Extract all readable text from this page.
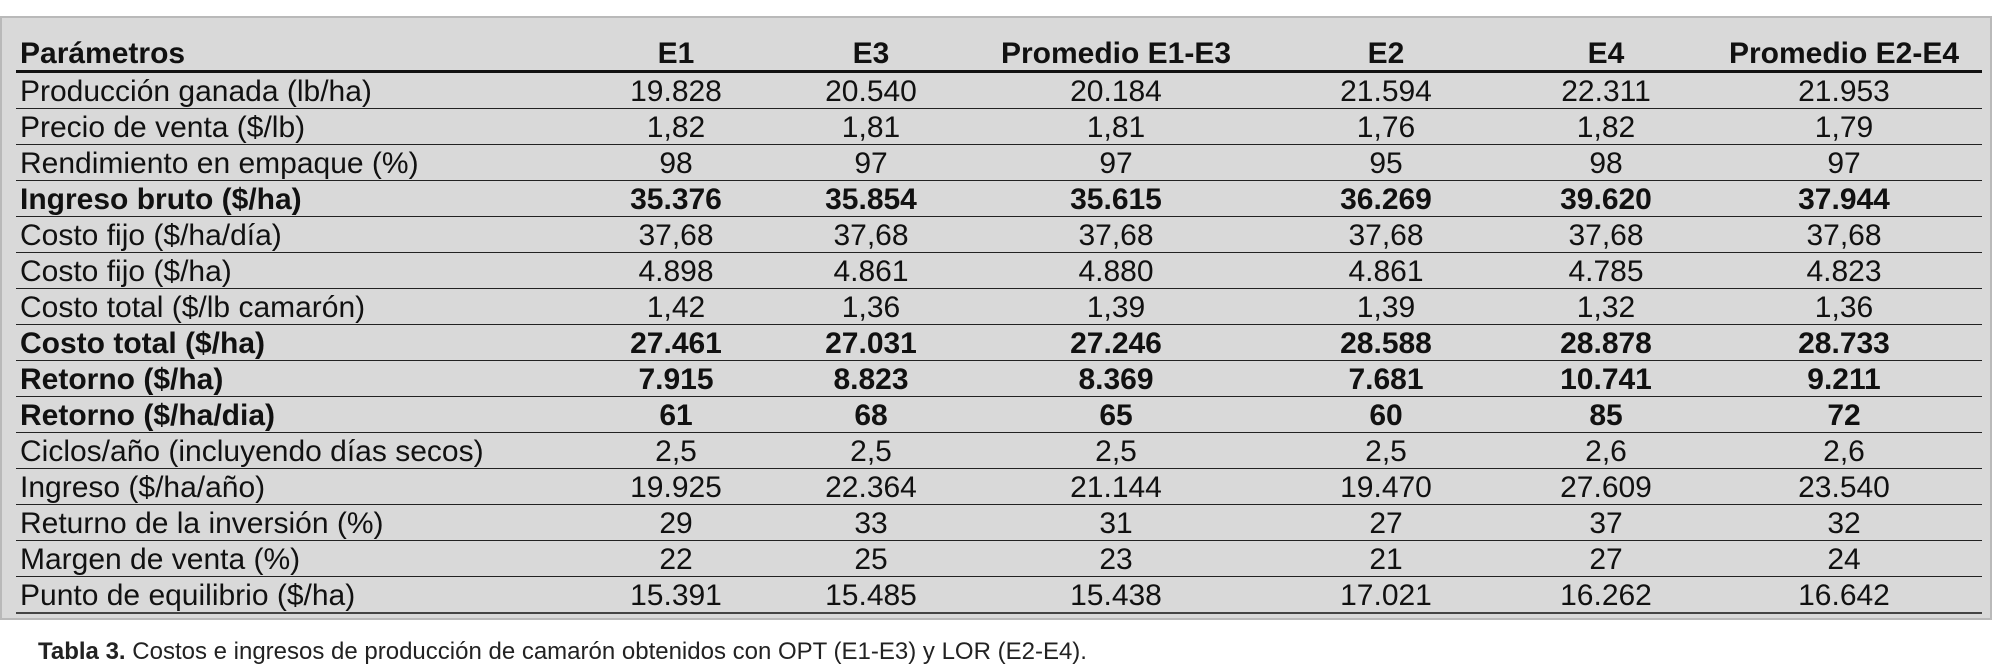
Parámetros	E1	E3	Promedio E1-E3	E2	E4	Promedio E2-E4
Producción ganada (lb/ha)	19.828	20.540	20.184	21.594	22.311	21.953
Precio de venta ($/lb)	1,82	1,81	1,81	1,76	1,82	1,79
Rendimiento en empaque (%)	98	97	97	95	98	97
Ingreso bruto ($/ha)	35.376	35.854	35.615	36.269	39.620	37.944
Costo fijo ($/ha/día)	37,68	37,68	37,68	37,68	37,68	37,68
Costo fijo ($/ha)	4.898	4.861	4.880	4.861	4.785	4.823
Costo total ($/lb camarón)	1,42	1,36	1,39	1,39	1,32	1,36
Costo total ($/ha)	27.461	27.031	27.246	28.588	28.878	28.733
Retorno ($/ha)	7.915	8.823	8.369	7.681	10.741	9.211
Retorno ($/ha/dia)	61	68	65	60	85	72
Ciclos/año (incluyendo días secos)	2,5	2,5	2,5	2,5	2,6	2,6
Ingreso ($/ha/año)	19.925	22.364	21.144	19.470	27.609	23.540
Returno de la inversión (%)	29	33	31	27	37	32
Margen de venta (%)	22	25	23	21	27	24
Punto de equilibrio ($/ha)	15.391	15.485	15.438	17.021	16.262	16.642
Tabla 3. Costos e ingresos de producción de camarón obtenidos con OPT (E1-E3) y LOR (E2-E4).
